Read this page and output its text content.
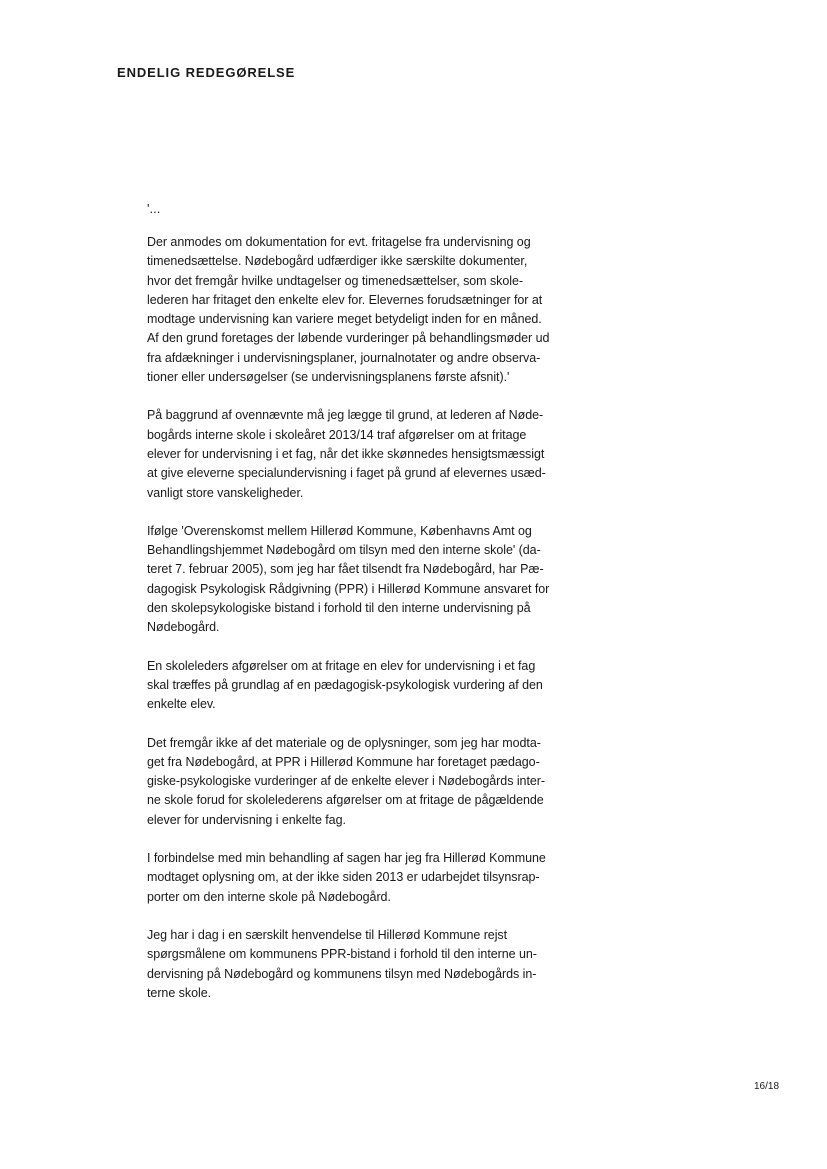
ENDELIG REDEGØRELSE

'...

Der anmodes om dokumentation for evt. fritagelse fra undervisning og
timenedsættelse. Nødebogård udfærdiger ikke særskilte dokumenter,
hvor det fremgår hvilke undtagelser og timenedsættelser, som skole-
lederen har fritaget den enkelte elev for. Elevernes forudsætninger for at
modtage undervisning kan variere meget betydeligt inden for en måned.
Af den grund foretages der løbende vurderinger på behandlingsmøder ud
fra afdækninger i undervisningsplaner, journalnotater og andre observa-
tioner eller undersøgelser (se undervisningsplanens første afsnit).'

På baggrund af ovennævnte må jeg lægge til grund, at lederen af Nøde-
bogårds interne skole i skoleåret 2013/14 traf afgørelser om at fritage
elever for undervisning i et fag, når det ikke skønnedes hensigtsmæssigt
at give eleverne specialundervisning i faget på grund af elevernes usæd-
vanligt store vanskeligheder.

Ifølge 'Overenskomst mellem Hillerød Kommune, Københavns Amt og
Behandlingshjemmet Nødebogård om tilsyn med den interne skole' (da-
teret 7. februar 2005), som jeg har fået tilsendt fra Nødebogård, har Pæ-
dagogisk Psykologisk Rådgivning (PPR) i Hillerød Kommune ansvaret for
den skolepsykologiske bistand i forhold til den interne undervisning på
Nødebogård.

En skoleleders afgørelser om at fritage en elev for undervisning i et fag
skal træffes på grundlag af en pædagogisk-psykologisk vurdering af den
enkelte elev.

Det fremgår ikke af det materiale og de oplysninger, som jeg har modta-
get fra Nødebogård, at PPR i Hillerød Kommune har foretaget pædago-
giske-psykologiske vurderinger af de enkelte elever i Nødebogårds inter-
ne skole forud for skolelederens afgørelser om at fritage de pågældende
elever for undervisning i enkelte fag.

I forbindelse med min behandling af sagen har jeg fra Hillerød Kommune
modtaget oplysning om, at der ikke siden 2013 er udarbejdet tilsynsrap-
porter om den interne skole på Nødebogård.

Jeg har i dag i en særskilt henvendelse til Hillerød Kommune rejst
spørgsmålene om kommunens PPR-bistand i forhold til den interne un-
dervisning på Nødebogård og kommunens tilsyn med Nødebogårds in-
terne skole.

16/18
